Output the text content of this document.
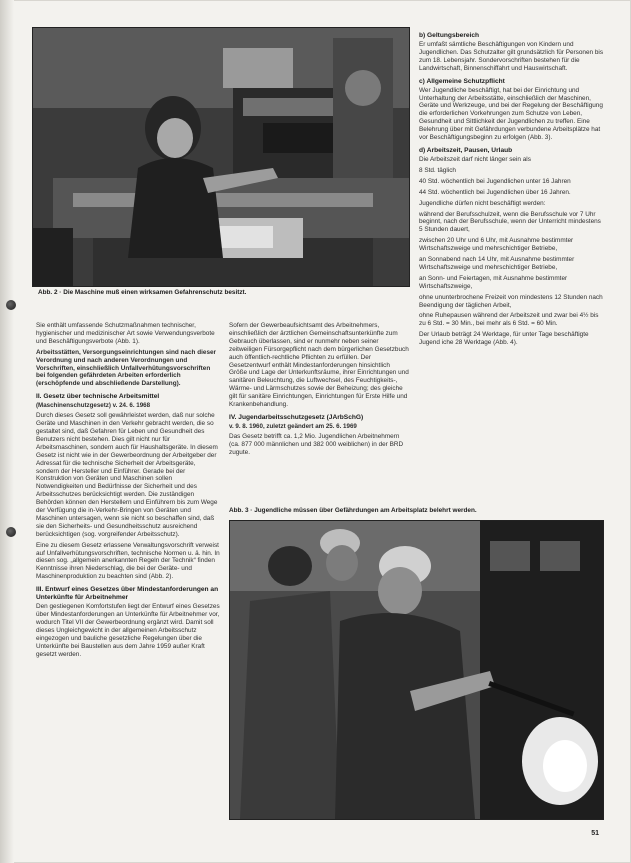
Abb. 2 · Die Maschine muß einen wirksamen Gefahrenschutz besitzt.
b) Geltungsbereich

Er umfaßt sämtliche Beschäftigungen von Kindern und Jugendlichen. Das Schutzalter gilt grundsätzlich für Personen bis zum 18. Lebensjahr. Sondervorschriften bestehen für die Landwirtschaft, Binnenschiffahrt und Hauswirtschaft.

c) Allgemeine Schutzpflicht

Wer Jugendliche beschäftigt, hat bei der Einrichtung und Unterhaltung der Arbeitsstätte, einschließlich der Maschinen, Geräte und Werkzeuge, und bei der Regelung der Beschäftigung die erforderlichen Vorkehrungen zum Schutze von Leben, Gesundheit und Sittlichkeit der Jugendlichen zu treffen. Eine Belehrung über mit Gefährdungen verbundene Arbeitsplätze hat vor Beschäftigungsbeginn zu erfolgen (Abb. 3).

d) Arbeitszeit, Pausen, Urlaub

Die Arbeitszeit darf nicht länger sein als

8 Std. täglich

40 Std. wöchentlich bei Jugendlichen unter 16 Jahren

44 Std. wöchentlich bei Jugendlichen über 16 Jahren.

Jugendliche dürfen nicht beschäftigt werden:

während der Berufsschulzeit, wenn die Berufsschule vor 7 Uhr beginnt, nach der Berufsschule, wenn der Unterricht mindestens 5 Stunden dauert,

zwischen 20 Uhr und 6 Uhr, mit Ausnahme bestimmter Wirtschaftszweige und mehrschichtiger Betriebe,

an Sonnabend nach 14 Uhr, mit Ausnahme bestimmter Wirtschaftszweige und mehrschichtiger Betriebe,

an Sonn- und Feiertagen, mit Ausnahme bestimmter Wirtschaftszweige,

ohne ununterbrochene Freizeit von mindestens 12 Stunden nach Beendigung der täglichen Arbeit,

ohne Ruhepausen während der Arbeitszeit und zwar bei 4½ bis zu 6 Std. = 30 Min., bei mehr als 6 Std. = 60 Min.

Der Urlaub beträgt 24 Werktage, für unter Tage beschäftigte Jugend iche 28 Werktage (Abb. 4).

Sie enthält umfassende Schutzmaßnahmen technischer, hygienischer und medizinischer Art sowie Verwendungsverbote und Beschäftigungsverbote (Abb. 1).

Arbeitsstätten, Versorgungseinrichtungen sind nach dieser Verordnung und nach anderen Verordnungen und Vorschriften, einschließlich Unfallverhütungsvorschriften bei folgenden gefährdeten Arbeiten erforderlich (erschöpfende und abschließende Darstellung).

II. Gesetz über technische Arbeitsmittel

(Maschinenschutzgesetz) v. 24. 6. 1968

Durch dieses Gesetz soll gewährleistet werden, daß nur solche Geräte und Maschinen in den Verkehr gebracht werden, die so gestaltet sind, daß Gefahren für Leben und Gesundheit des Benutzers nicht bestehen. Dies gilt nicht nur für Arbeitsmaschinen, sondern auch für Haushaltsgeräte. In diesem Gesetz ist nicht wie in der Gewerbeordnung der Arbeitgeber der Adressat für die technische Sicherheit der Arbeitsgeräte, sondern der Hersteller und Einführer. Gerade bei der Konstruktion von Geräten und Maschinen sollen Notwendigkeiten und Bedürfnisse der Sicherheit und des Arbeitsschutzes berücksichtigt werden. Die zuständigen Behörden können den Herstellern und Einführern bis zum Wege der Verfügung die in-Verkehr-Bringen von Geräten und Maschinen untersagen, wenn sie nicht so beschaffen sind, daß sie den Sicherheits- und Gesundheitsschutz ausreichend berücksichtigen (sog. vorgreifender Arbeitsschutz).

Eine zu diesem Gesetz erlassene Verwaltungsvorschrift verweist auf Unfallverhütungsvorschriften, technische Normen u. ä. hin. In diesen sog. „allgemein anerkannten Regeln der Technik“ finden Kenntnisse ihren Niederschlag, die bei der Geräte- und Maschinenproduktion zu beachten sind (Abb. 2).

III. Entwurf eines Gesetzes über Mindestanforderungen an Unterkünfte für Arbeitnehmer

Den gestiegenen Komfortstufen liegt der Entwurf eines Gesetzes über Mindestanforderungen an Unterkünfte für Arbeitnehmer vor, wodurch Titel VII der Gewerbeordnung ergänzt wird. Damit soll dieses Ungleichgewicht in der allgemeinen Arbeitsschutz eingezogen und bauliche gesetzliche Regelungen über die Unterkünfte bei Baustellen aus dem Jahre 1959 außer Kraft gesetzt werden.

Sofern der Gewerbeaufsichtsamt des Arbeitnehmers, einschließlich der ärztlichen Gemeinschaftsunterkünfte zum Gebrauch überlassen, sind er nunmehr neben seiner zeitweiligen Fürsorgepflicht nach dem bürgerlichen Gesetzbuch auch öffentlich-rechtliche Pflichten zu erfüllen. Der Gesetzentwurf enthält Mindestanforderungen hinsichtlich Größe und Lage der Unterkunftsräume, ihrer Einrichtungen und sanitären Beleuchtung, die Luftwechsel, des Feuchtigkeits-, Wärme- und Lärmschutzes sowie der Beheizung; des gleiche gilt für sanitäre Einrichtungen, Einrichtungen für Erste Hilfe und Krankenbehandlung.

IV. Jugendarbeitsschutzgesetz (JArbSchG)

v. 9. 8. 1960, zuletzt geändert am 25. 6. 1969

Das Gesetz betrifft ca. 1,2 Mio. Jugendlichen Arbeitnehmern (ca. 877 000 männlichen und 382 000 weiblichen) in der BRD zugute.

Abb. 3 · Jugendliche müssen über Gefährdungen am Arbeitsplatz belehrt werden.
51
